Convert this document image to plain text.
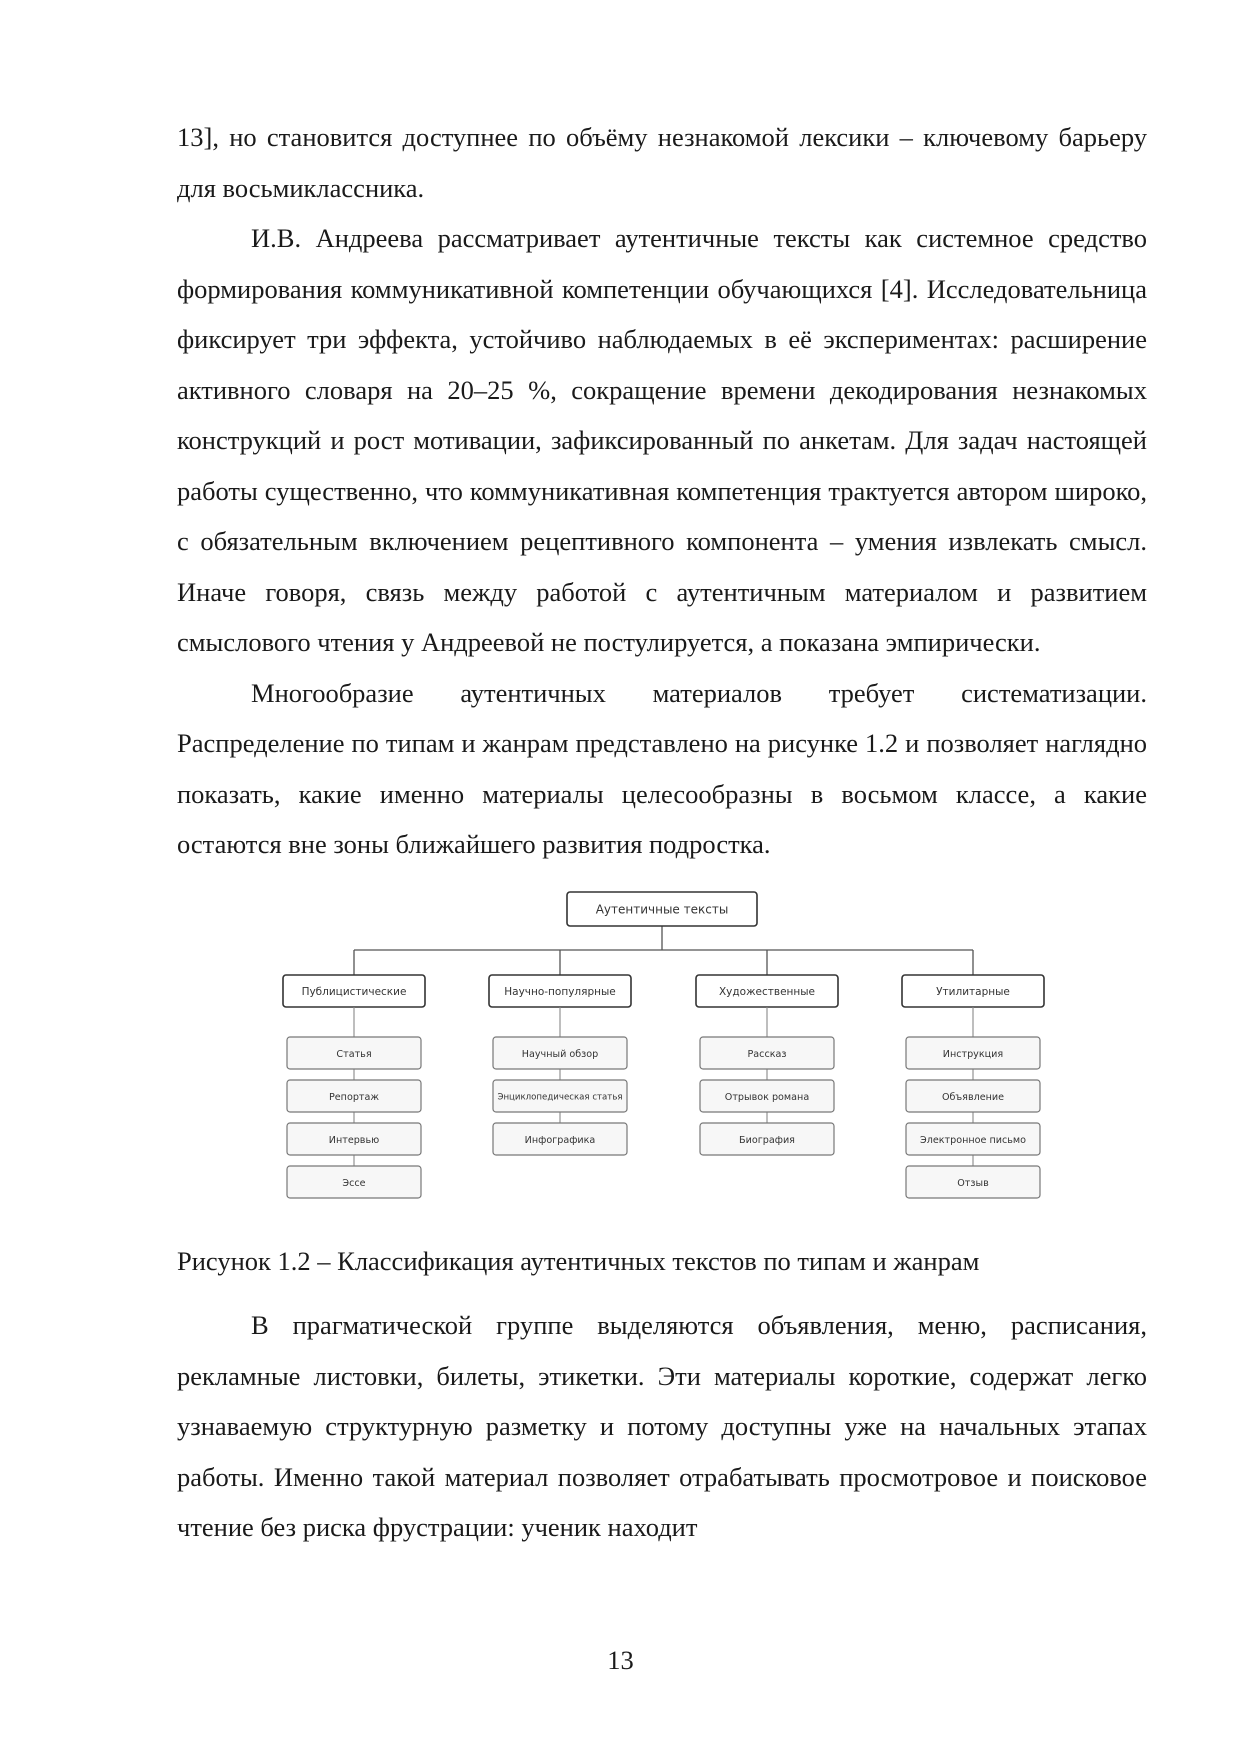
13], но становится доступнее по объёму незнакомой лексики – ключевому барьеру для восьмиклассника.

И.В. Андреева рассматривает аутентичные тексты как системное средство формирования коммуникативной компетенции обучающихся [4]. Исследовательница фиксирует три эффекта, устойчиво наблюдаемых в её экспериментах: расширение активного словаря на 20–25 %, сокращение времени декодирования незнакомых конструкций и рост мотивации, зафиксированный по анкетам. Для задач настоящей работы существенно, что коммуникативная компетенция трактуется автором широко, с обязательным включением рецептивного компонента – умения извлекать смысл. Иначе говоря, связь между работой с аутентичным материалом и развитием смыслового чтения у Андреевой не постулируется, а показана эмпирически.

Многообразие аутентичных материалов требует систематизации. Распределение по типам и жанрам представлено на рисунке 1.2 и позволяет наглядно показать, какие именно материалы целесообразны в восьмом классе, а какие остаются вне зоны ближайшего развития подростка.

Аутентичные тексты
Публицистические
Статья
Репортаж
Интервью
Эссе
Научно-популярные
Научный обзор
Энциклопедическая статья
Инфографика
Художественные
Рассказ
Отрывок романа
Биография
Утилитарные
Инструкция
Объявление
Электронное письмо
Отзыв

Рисунок 1.2 – Классификация аутентичных текстов по типам и жанрам

В прагматической группе выделяются объявления, меню, расписания, рекламные листовки, билеты, этикетки. Эти материалы короткие, содержат легко узнаваемую структурную разметку и потому доступны уже на начальных этапах работы. Именно такой материал позволяет отрабатывать просмотровое и поисковое чтение без риска фрустрации: ученик находит

13
